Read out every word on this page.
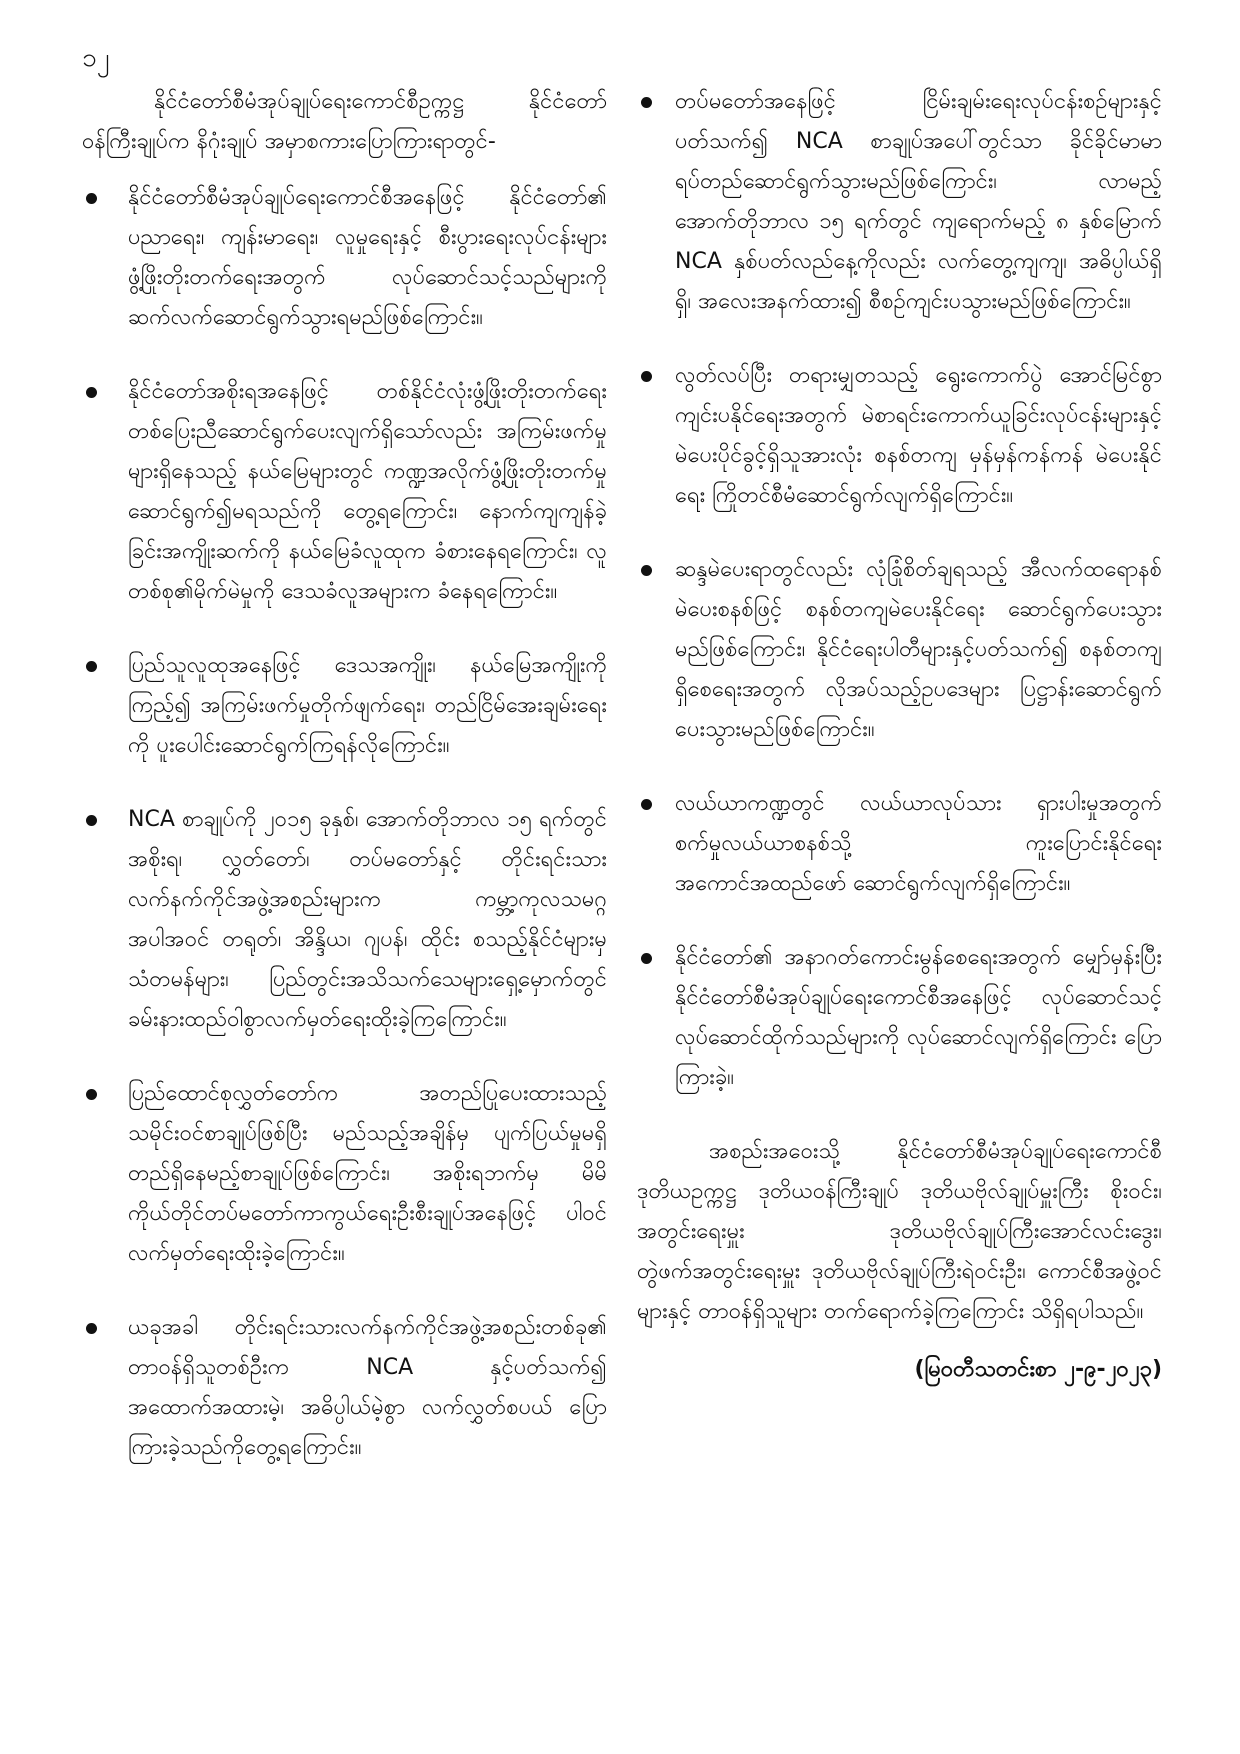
၁၂

နိုင်ငံတော်စီမံအုပ်ချုပ်ရေးကောင်စီဥက္ကဋ္ဌ နိုင်ငံတော်ဝန်ကြီးချုပ်က နိဂုံးချုပ် အမှာစကားပြောကြားရာတွင်-

နိုင်ငံတော်စီမံအုပ်ချုပ်ရေးကောင်စီအနေဖြင့် နိုင်ငံတော်၏ ပညာရေး၊ ကျန်းမာရေး၊ လူမှုရေးနှင့် စီးပွားရေးလုပ်ငန်းများ ဖွံ့ဖြိုးတိုးတက်ရေးအတွက် လုပ်ဆောင်သင့်သည်များကို ဆက်လက်ဆောင်ရွက်သွားရမည်ဖြစ်ကြောင်း။
နိုင်ငံတော်အစိုးရအနေဖြင့် တစ်နိုင်ငံလုံးဖွံ့ဖြိုးတိုးတက်ရေး တစ်ပြေးညီဆောင်ရွက်ပေးလျက်ရှိသော်လည်း အကြမ်းဖက်မှုများရှိနေသည့် နယ်မြေများတွင် ကဏ္ဍအလိုက်ဖွံ့ဖြိုးတိုးတက်မှု ဆောင်ရွက်၍မရသည်ကို တွေ့ရကြောင်း၊ နောက်ကျကျန်ခဲ့ခြင်းအကျိုးဆက်ကို နယ်မြေခံလူထုက ခံစားနေရကြောင်း၊ လူတစ်စု၏မိုက်မဲမှုကို ဒေသခံလူအများက ခံနေရကြောင်း။
ပြည်သူလူထုအနေဖြင့် ဒေသအကျိုး၊ နယ်မြေအကျိုးကို ကြည့်၍ အကြမ်းဖက်မှုတိုက်ဖျက်ရေး၊ တည်ငြိမ်အေးချမ်းရေးကို ပူးပေါင်းဆောင်ရွက်ကြရန်လိုကြောင်း။
NCA စာချုပ်ကို ၂၀၁၅ ခုနှစ်၊ အောက်တိုဘာလ ၁၅ ရက်တွင် အစိုးရ၊ လွှတ်တော်၊ တပ်မတော်နှင့် တိုင်းရင်းသားလက်နက်ကိုင်အဖွဲ့အစည်းများက ကမ္ဘာ့ကုလသမဂ္ဂ အပါအဝင် တရုတ်၊ အိန္ဒိယ၊ ဂျပန်၊ ထိုင်း စသည့်နိုင်ငံများမှ သံတမန်များ၊ ပြည်တွင်းအသိသက်သေများရှေ့မှောက်တွင် ခမ်းနားထည်ဝါစွာလက်မှတ်ရေးထိုးခဲ့ကြကြောင်း။
ပြည်ထောင်စုလွှတ်တော်က အတည်ပြုပေးထားသည့် သမိုင်းဝင်စာချုပ်ဖြစ်ပြီး မည်သည့်အချိန်မှ ပျက်ပြယ်မှုမရှိ တည်ရှိနေမည့်စာချုပ်ဖြစ်ကြောင်း၊ အစိုးရဘက်မှ မိမိကိုယ်တိုင်တပ်မတော်ကာကွယ်ရေးဦးစီးချုပ်အနေဖြင့် ပါဝင်လက်မှတ်ရေးထိုးခဲ့ကြောင်း။
ယခုအခါ တိုင်းရင်းသားလက်နက်ကိုင်အဖွဲ့အစည်းတစ်ခု၏ တာဝန်ရှိသူတစ်ဦးက NCA နှင့်ပတ်သက်၍ အထောက်အထားမဲ့၊ အဓိပ္ပါယ်မဲ့စွာ လက်လွှတ်စပယ် ပြောကြားခဲ့သည်ကိုတွေ့ရကြောင်း။
တပ်မတော်အနေဖြင့် ငြိမ်းချမ်းရေးလုပ်ငန်းစဉ်များနှင့်ပတ်သက်၍ NCA စာချုပ်အပေါ်တွင်သာ ခိုင်ခိုင်မာမာရပ်တည်ဆောင်ရွက်သွားမည်ဖြစ်ကြောင်း၊ လာမည့်အောက်တိုဘာလ ၁၅ ရက်တွင် ကျရောက်မည့် ၈ နှစ်မြောက် NCA နှစ်ပတ်လည်နေ့ကိုလည်း လက်တွေ့ကျကျ၊ အဓိပ္ပါယ်ရှိရှိ၊ အလေးအနက်ထား၍ စီစဉ်ကျင်းပသွားမည်ဖြစ်ကြောင်း။
လွတ်လပ်ပြီး တရားမျှတသည့် ရွေးကောက်ပွဲ အောင်မြင်စွာကျင်းပနိုင်ရေးအတွက် မဲစာရင်းကောက်ယူခြင်းလုပ်ငန်းများနှင့် မဲပေးပိုင်ခွင့်ရှိသူအားလုံး စနစ်တကျ မှန်မှန်ကန်ကန် မဲပေးနိုင်ရေး ကြိုတင်စီမံဆောင်ရွက်လျက်ရှိကြောင်း။
ဆန္ဒမဲပေးရာတွင်လည်း လုံခြုံစိတ်ချရသည့် အီလက်ထရောနစ်မဲပေးစနစ်ဖြင့် စနစ်တကျမဲပေးနိုင်ရေး ဆောင်ရွက်ပေးသွားမည်ဖြစ်ကြောင်း၊ နိုင်ငံရေးပါတီများနှင့်ပတ်သက်၍ စနစ်တကျရှိစေရေးအတွက် လိုအပ်သည့်ဥပဒေများ ပြဋ္ဌာန်းဆောင်ရွက်ပေးသွားမည်ဖြစ်ကြောင်း။
လယ်ယာကဏ္ဍတွင် လယ်ယာလုပ်သား ရှားပါးမှုအတွက် စက်မှုလယ်ယာစနစ်သို့ ကူးပြောင်းနိုင်ရေး အကောင်အထည်ဖော် ဆောင်ရွက်လျက်ရှိကြောင်း။
နိုင်ငံတော်၏ အနာဂတ်ကောင်းမွန်စေရေးအတွက် မျှော်မှန်းပြီး နိုင်ငံတော်စီမံအုပ်ချုပ်ရေးကောင်စီအနေဖြင့် လုပ်ဆောင်သင့် လုပ်ဆောင်ထိုက်သည်များကို လုပ်ဆောင်လျက်ရှိကြောင်း ပြောကြားခဲ့။

အစည်းအဝေးသို့ နိုင်ငံတော်စီမံအုပ်ချုပ်ရေးကောင်စီ ဒုတိယဥက္ကဋ္ဌ ဒုတိယဝန်ကြီးချုပ် ဒုတိယဗိုလ်ချုပ်မှူးကြီး စိုးဝင်း၊ အတွင်းရေးမှူး ဒုတိယဗိုလ်ချုပ်ကြီးအောင်လင်းဒွေး၊ တွဲဖက်အတွင်းရေးမှူး ဒုတိယဗိုလ်ချုပ်ကြီးရဲဝင်းဦး၊ ကောင်စီအဖွဲ့ဝင်များနှင့် တာဝန်ရှိသူများ တက်ရောက်ခဲ့ကြကြောင်း သိရှိရပါသည်။

(မြဝတီသတင်းစာ ၂-၉-၂၀၂၃)
